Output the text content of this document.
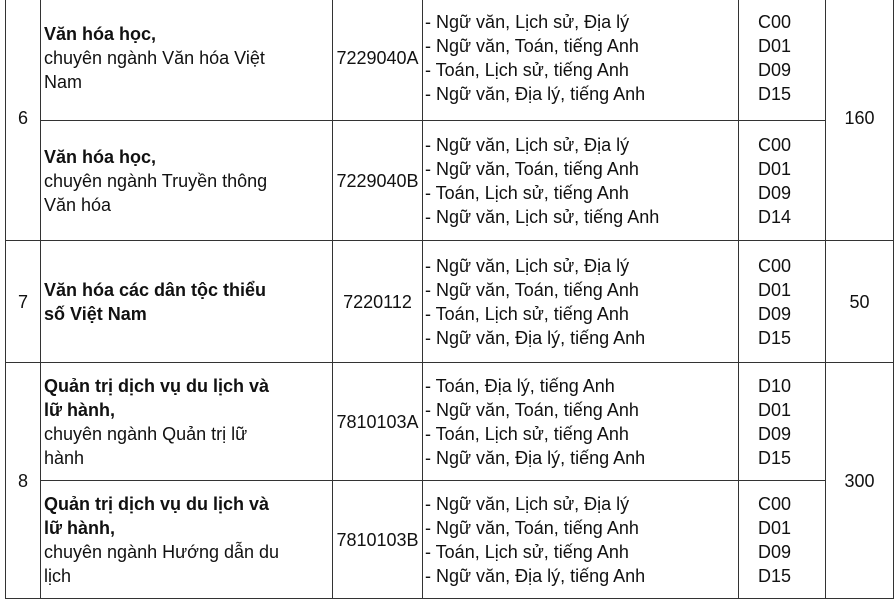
6	Văn hóa học,
chuyên ngành Văn hóa Việt
Nam	7229040A	- Ngữ văn, Lịch sử, Địa lý
- Ngữ văn, Toán, tiếng Anh
- Toán, Lịch sử, tiếng Anh
- Ngữ văn, Địa lý, tiếng Anh	C00
D01
D09
D15	160

	Văn hóa học,
chuyên ngành Truyền thông
Văn hóa	7229040B	- Ngữ văn, Lịch sử, Địa lý
- Ngữ văn, Toán, tiếng Anh
- Toán, Lịch sử, tiếng Anh
- Ngữ văn, Lịch sử, tiếng Anh	C00
D01
D09
D14	

7	Văn hóa các dân tộc thiểu
số Việt Nam	7220112	- Ngữ văn, Lịch sử, Địa lý
- Ngữ văn, Toán, tiếng Anh
- Toán, Lịch sử, tiếng Anh
- Ngữ văn, Địa lý, tiếng Anh	C00
D01
D09
D15	50
8	Quản trị dịch vụ du lịch và
lữ hành,
chuyên ngành Quản trị lữ
hành	7810103A	- Toán, Địa lý, tiếng Anh
- Ngữ văn, Toán, tiếng Anh
- Toán, Lịch sử, tiếng Anh
- Ngữ văn, Địa lý, tiếng Anh	D10
D01
D09
D15	300

	Quản trị dịch vụ du lịch và
lữ hành,
chuyên ngành Hướng dẫn du
lịch	7810103B	- Ngữ văn, Lịch sử, Địa lý
- Ngữ văn, Toán, tiếng Anh
- Toán, Lịch sử, tiếng Anh
- Ngữ văn, Địa lý, tiếng Anh	C00
D01
D09
D15	
